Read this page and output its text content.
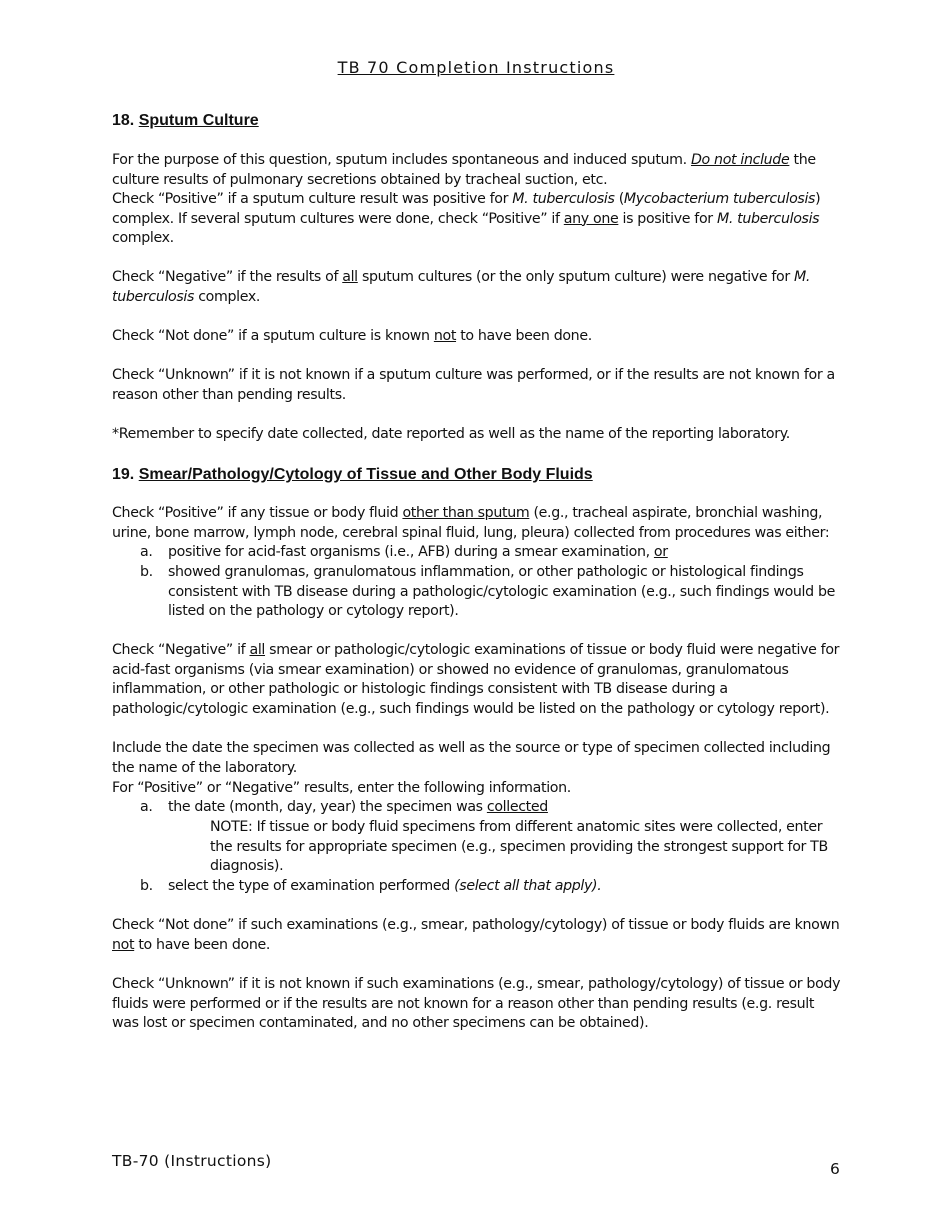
TB 70 Completion Instructions
18. Sputum Culture
For the purpose of this question, sputum includes spontaneous and induced sputum. Do not include the culture results of pulmonary secretions obtained by tracheal suction, etc.
Check “Positive” if a sputum culture result was positive for M. tuberculosis (Mycobacterium tuberculosis) complex. If several sputum cultures were done, check “Positive” if any one is positive for M. tuberculosis complex.
Check “Negative” if the results of all sputum cultures (or the only sputum culture) were negative for M. tuberculosis complex.
Check “Not done” if a sputum culture is known not to have been done.
Check “Unknown” if it is not known if a sputum culture was performed, or if the results are not known for a reason other than pending results.
*Remember to specify date collected, date reported as well as the name of the reporting laboratory.
19. Smear/Pathology/Cytology of Tissue and Other Body Fluids
Check “Positive” if any tissue or body fluid other than sputum (e.g., tracheal aspirate, bronchial washing, urine, bone marrow, lymph node, cerebral spinal fluid, lung, pleura) collected from procedures was either:
a. positive for acid-fast organisms (i.e., AFB) during a smear examination, or
b. showed granulomas, granulomatous inflammation, or other pathologic or histological findings consistent with TB disease during a pathologic/cytologic examination (e.g., such findings would be listed on the pathology or cytology report).
Check “Negative” if all smear or pathologic/cytologic examinations of tissue or body fluid were negative for acid-fast organisms (via smear examination) or showed no evidence of granulomas, granulomatous inflammation, or other pathologic or histologic findings consistent with TB disease during a pathologic/cytologic examination (e.g., such findings would be listed on the pathology or cytology report).
Include the date the specimen was collected as well as the source or type of specimen collected including the name of the laboratory.
For “Positive” or “Negative” results, enter the following information.
a. the date (month, day, year) the specimen was collected
NOTE: If tissue or body fluid specimens from different anatomic sites were collected, enter the results for appropriate specimen (e.g., specimen providing the strongest support for TB diagnosis).
b. select the type of examination performed (select all that apply).
Check “Not done” if such examinations (e.g., smear, pathology/cytology) of tissue or body fluids are known not to have been done.
Check “Unknown” if it is not known if such examinations (e.g., smear, pathology/cytology) of tissue or body fluids were performed or if the results are not known for a reason other than pending results (e.g. result was lost or specimen contaminated, and no other specimens can be obtained).
TB-70 (Instructions)	6
